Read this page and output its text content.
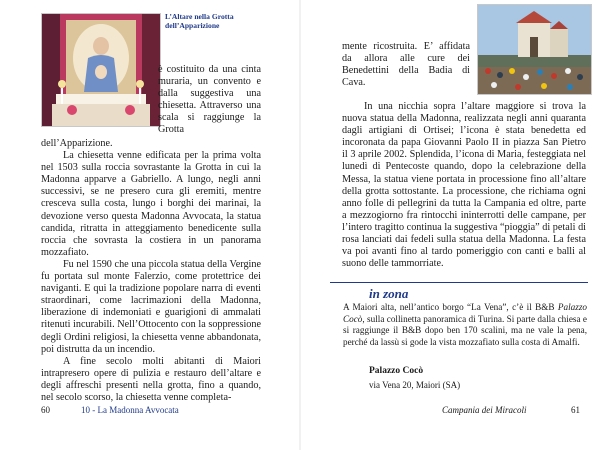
L’Altare nella Grotta dell’Apparizione

è costituito da una cinta muraria, un convento e dalla suggestiva una chiesetta. Attraverso una scala si raggiunge la Grotta

dell’Apparizione.

La chiesetta venne edificata per la prima volta nel 1503 sulla roccia sovrastante la Grotta in cui la Madonna apparve a Gabriello. A lungo, negli anni successivi, se ne presero cura gli eremiti, mentre cresceva sulla costa, lungo i borghi dei marinai, la devozione verso questa Madonna Avvocata, la statua candida, ritratta in atteggiamento benedicente sulla roccia che sovrasta la costiera in un panorama mozzafiato.

Fu nel 1590 che una piccola statua della Vergine fu portata sul monte Falerzio, come protettrice dei naviganti. E qui la tradizione popolare narra di eventi straordinari, come lacrimazioni della Madonna, liberazione di indemoniati e guarigioni di ammalati ritenuti incurabili. Nell’Ottocento con la soppressione degli Ordini religiosi, la chiesetta venne abbandonata, poi distrutta da un incendio.

A fine secolo molti abitanti di Maiori intrapresero opere di pulizia e restauro dell’altare e degli affreschi presenti nella grotta, fino a quando, nel secolo scorso, la chiesetta venne completa-

60	10 - La Madonna Avvocata

mente ricostruita. E’ affidata da allora alle cure dei Benedettini della Badia di Cava.

In una nicchia sopra l’altare maggiore si trova la nuova statua della Madonna, realizzata negli anni quaranta dagli artigiani di Ortisei; l’icona è stata benedetta ed incoronata da papa Giovanni Paolo II in piazza San Pietro il 3 aprile 2002. Splendida, l’icona di Maria, festeggiata nel lunedì di Pentecoste quando, dopo la celebrazione della Messa, la statua viene portata in processione fino all’altare della grotta sottostante. La processione, che richiama ogni anno folle di pellegrini da tutta la Campania ed oltre, parte a mezzogiorno fra rintocchi ininterrotti delle campane, per l’intero tragitto continua la suggestiva “pioggia” di petali di rosa lanciati dai fedeli sulla statua della Madonna. La festa va poi avanti fino al tardo pomeriggio con canti e balli al suono delle tammorriate.

in zona

A Maiori alta, nell’antico borgo “La Vena”, c’è il B&B Palazzo Cocò, sulla collinetta panoramica di Turina. Si parte dalla chiesa e si raggiunge il B&B dopo ben 170 scalini, ma ne vale la pena, perché da lassù si gode la vista mozzafiato sulla costa di Amalfi.

Palazzo Cocò
via Vena 20, Maiori (SA)
Campania dei Miracoli	61
